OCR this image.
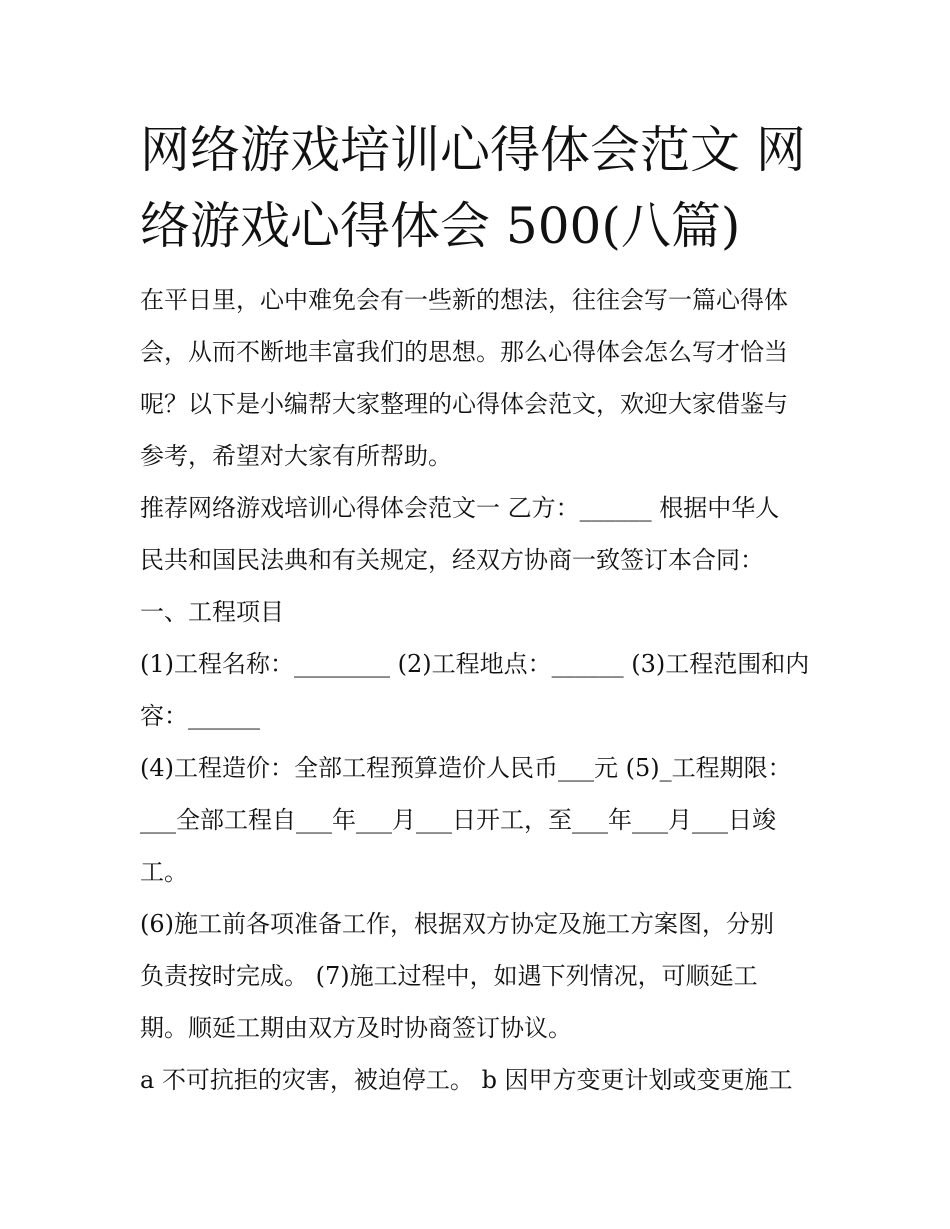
网络游戏培训心得体会范文 网
络游戏心得体会 500(八篇)

在平日里，心中难免会有一些新的想法，往往会写一篇心得体
会，从而不断地丰富我们的思想。那么心得体会怎么写才恰当
呢？以下是小编帮大家整理的心得体会范文，欢迎大家借鉴与
参考，希望对大家有所帮助。

推荐网络游戏培训心得体会范文一 乙方：______ 根据中华人
民共和国民法典和有关规定，经双方协商一致签订本合同：

一、工程项目

(1)工程名称：________ (2)工程地点：______ (3)工程范围和内
容：______

(4)工程造价：全部工程预算造价人民币___元 (5)_工程期限：
___全部工程自___年___月___日开工，至___年___月___日竣
工。

(6)施工前各项准备工作，根据双方协定及施工方案图，分别
负责按时完成。 (7)施工过程中，如遇下列情况，可顺延工
期。顺延工期由双方及时协商签订协议。

a 不可抗拒的灾害，被迫停工。 b 因甲方变更计划或变更施工
